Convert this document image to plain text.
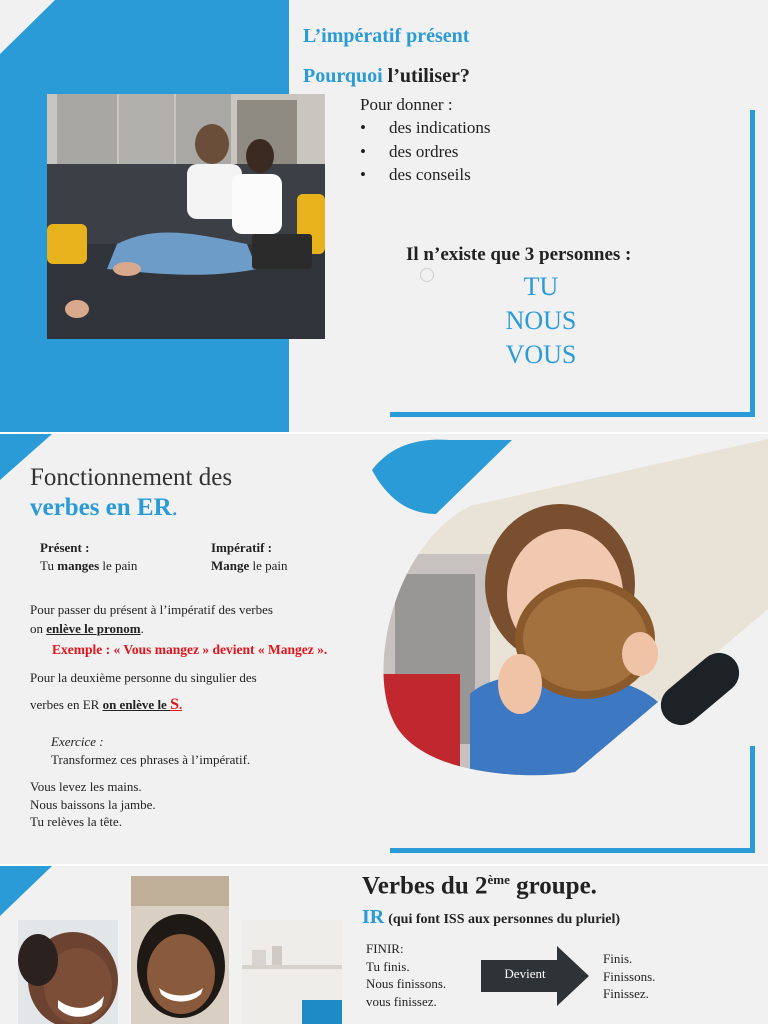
L’impératif présent
Pourquoi l’utiliser?
Pour donner :
• des indications
• des ordres
• des conseils
Il n’existe que 3 personnes :
TU
NOUS
VOUS
Fonctionnement des
verbes en ER.
Présent :
Tu manges le pain
Impératif :
Mange le pain
Pour passer du présent à l’impératif des verbes
on enlève le pronom.
Exemple : « Vous mangez » devient « Mangez ».
Pour la deuxième personne du singulier des
verbes en ER on enlève le S.
Exercice :
Transformez ces phrases à l’impératif.
Vous levez les mains.
Nous baissons la jambe.
Tu relèves la tête.
Verbes du 2ème groupe.
IR (qui font ISS aux personnes du pluriel)
FINIR:
Tu finis.
Nous finissons.
vous finissez.
Devient
Finis.
Finissons.
Finissez.
